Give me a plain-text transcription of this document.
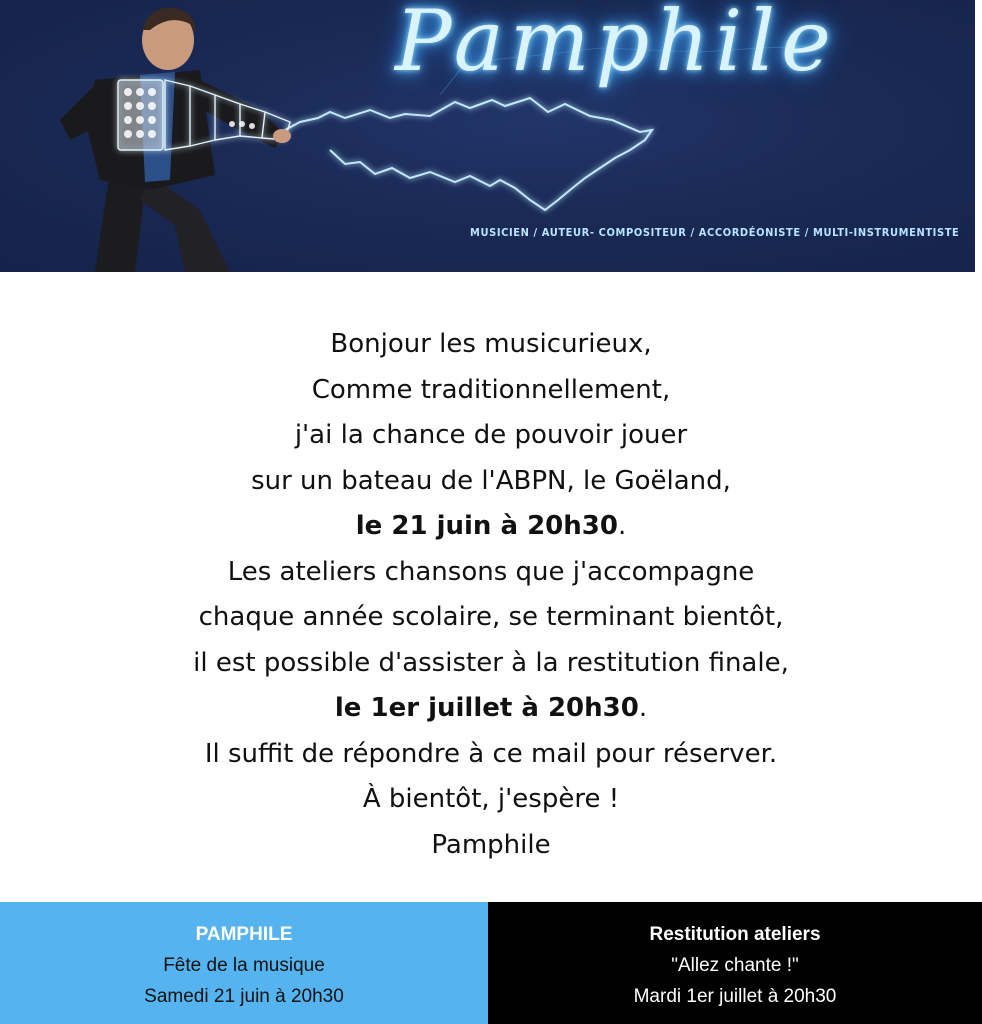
Pamphile
MUSICIEN / AUTEUR- COMPOSITEUR / ACCORDÉONISTE / MULTI-INSTRUMENTISTE
Bonjour les musicurieux,
Comme traditionnellement,
j'ai la chance de pouvoir jouer
sur un bateau de l'ABPN, le Goëland,
le 21 juin à 20h30.
Les ateliers chansons que j'accompagne
chaque année scolaire, se terminant bientôt,
il est possible d'assister à la restitution finale,
le 1er juillet à 20h30.
Il suffit de répondre à ce mail pour réserver.
À bientôt, j'espère !
Pamphile
PAMPHILE
Fête de la musique
Samedi 21 juin à 20h30
Restitution ateliers
"Allez chante !"
Mardi 1er juillet à 20h30
